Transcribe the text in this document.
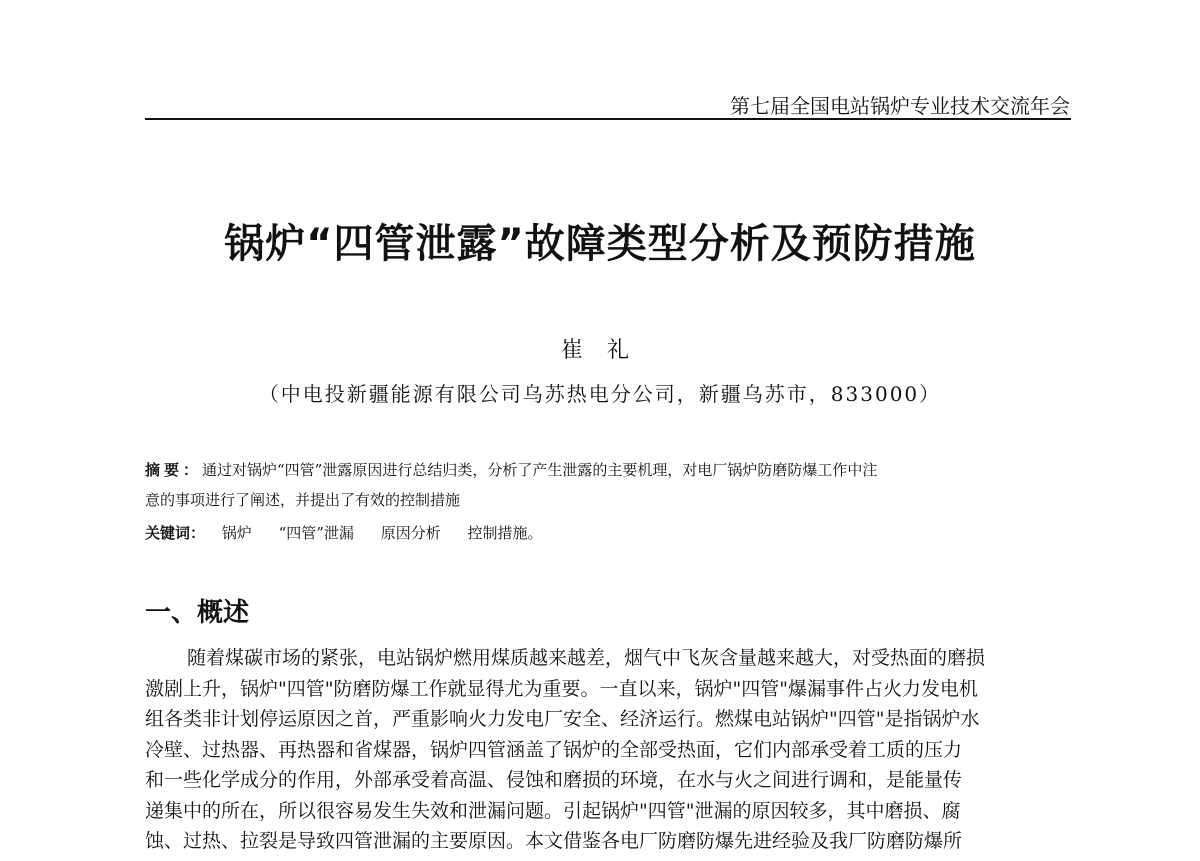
第七届全国电站锅炉专业技术交流年会
锅炉“四管泄露”故障类型分析及预防措施
崔礼
（中电投新疆能源有限公司乌苏热电分公司，新疆乌苏市，833000）
摘要：通过对锅炉“四管”泄露原因进行总结归类，分析了产生泄露的主要机理，对电厂锅炉防磨防爆工作中注
意的事项进行了阐述，并提出了有效的控制措施
关键词： 锅炉 “四管”泄漏 原因分析 控制措施。
一、概述
随着煤碳市场的紧张，电站锅炉燃用煤质越来越差，烟气中飞灰含量越来越大，对受热面的磨损
激剧上升，锅炉"四管"防磨防爆工作就显得尤为重要。一直以来，锅炉"四管"爆漏事件占火力发电机
组各类非计划停运原因之首，严重影响火力发电厂安全、经济运行。燃煤电站锅炉"四管"是指锅炉水
冷壁、过热器、再热器和省煤器，锅炉四管涵盖了锅炉的全部受热面，它们内部承受着工质的压力
和一些化学成分的作用，外部承受着高温、侵蚀和磨损的环境，在水与火之间进行调和，是能量传
递集中的所在，所以很容易发生失效和泄漏问题。引起锅炉"四管"泄漏的原因较多，其中磨损、腐
蚀、过热、拉裂是导致四管泄漏的主要原因。本文借鉴各电厂防磨防爆先进经验及我厂防磨防爆所
